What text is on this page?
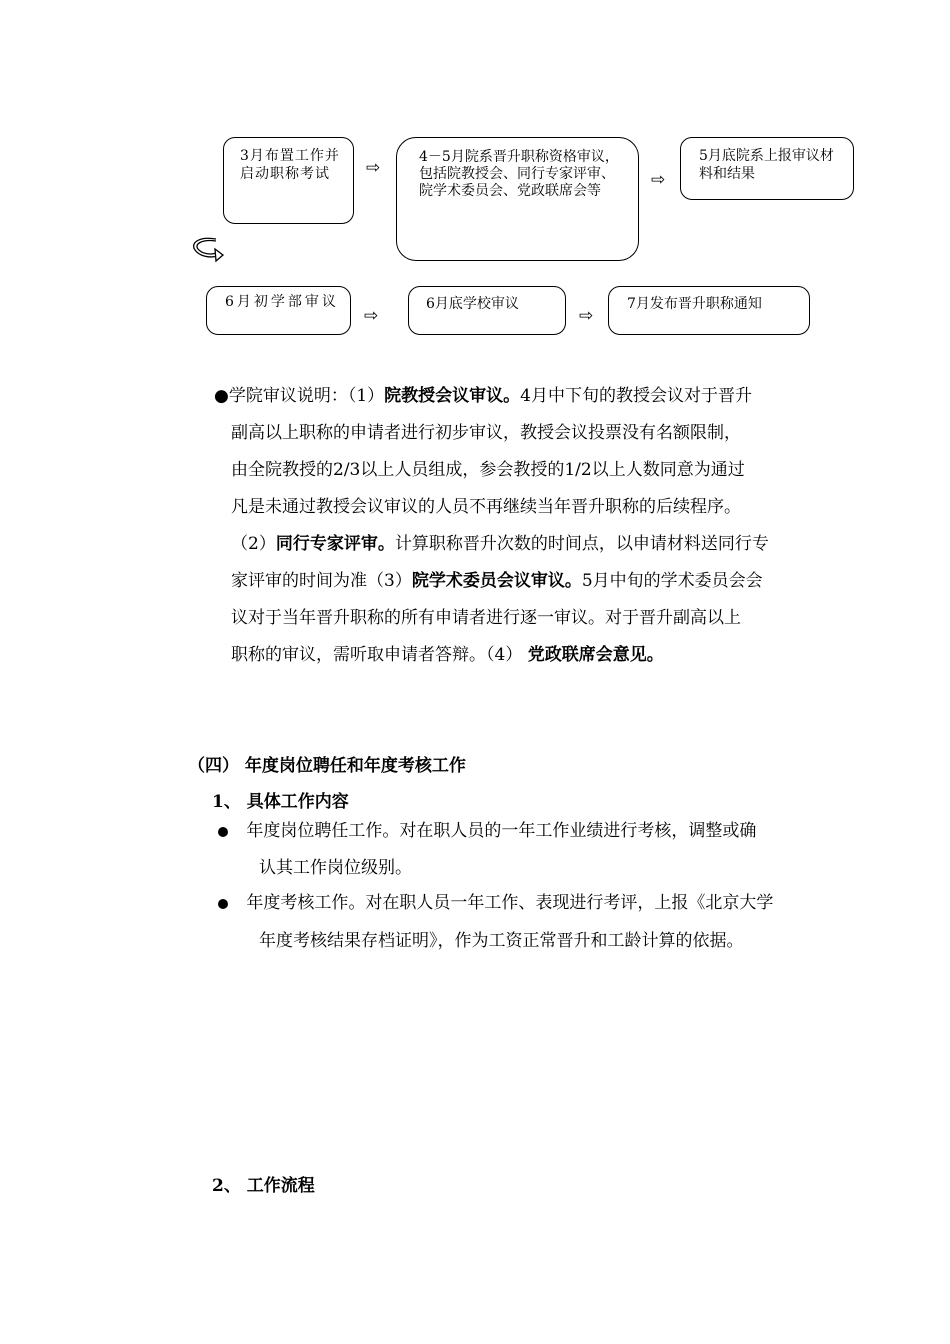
3月布置工作并启动职称考试	⇨
4－5月院系晋升职称资格审议，包括院教授会、同行专家评审、院学术委员会、党政联席会等
⇨
5月底院系上报审议材料和结果
6月初学部审议
⇨
6月底学校审议
⇨
7月发布晋升职称通知
●学院审议说明：（1）院教授会议审议。4月中下旬的教授会议对于晋升
副高以上职称的申请者进行初步审议，教授会议投票没有名额限制，
由全院教授的2/3以上人员组成，参会教授的1/2以上人数同意为通过
凡是未通过教授会议审议的人员不再继续当年晋升职称的后续程序。
（2）同行专家评审。计算职称晋升次数的时间点，以申请材料送同行专
家评审的时间为准（3）院学术委员会议审议。5月中旬的学术委员会会
议对于当年晋升职称的所有申请者进行逐一审议。对于晋升副高以上
职称的审议，需听取申请者答辩。（4） 党政联席会意见。
（四） 年度岗位聘任和年度考核工作
1、 具体工作内容
年度岗位聘任工作。对在职人员的一年工作业绩进行考核，调整或确
认其工作岗位级别。
年度考核工作。对在职人员一年工作、表现进行考评，上报《北京大学
年度考核结果存档证明》，作为工资正常晋升和工龄计算的依据。
2、 工作流程
